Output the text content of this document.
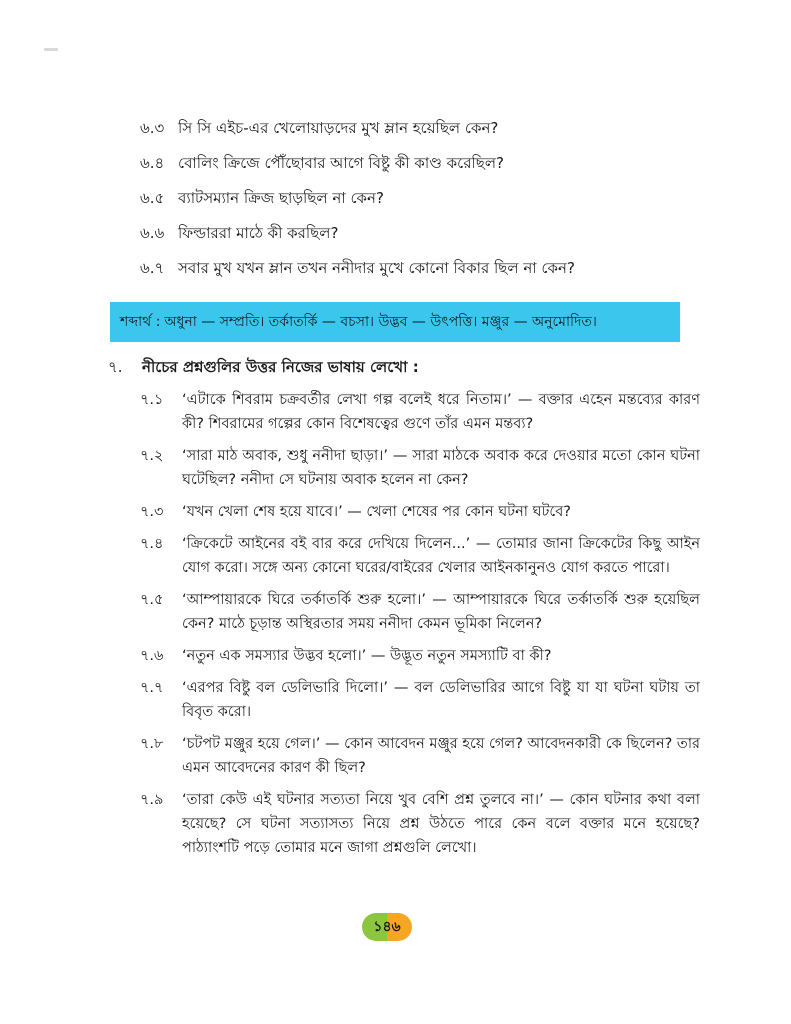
৬.৩ সি সি এইচ-এর খেলোয়াড়দের মুখ ম্লান হয়েছিল কেন?
৬.৪ বোলিং ক্রিজে পৌঁছোবার আগে বিষ্টু কী কাণ্ড করেছিল?
৬.৫ ব্যাটসম্যান ক্রিজ ছাড়ছিল না কেন?
৬.৬ ফিল্ডাররা মাঠে কী করছিল?
৬.৭ সবার মুখ যখন ম্লান তখন ননীদার মুখে কোনো বিকার ছিল না কেন?
শব্দার্থ : অধুনা — সম্প্রতি। তর্কাতর্কি — বচসা। উদ্ভব — উৎপত্তি। মঞ্জুর — অনুমোদিত।
৭.	নীচের প্রশ্নগুলির উত্তর নিজের ভাষায় লেখো :
৭.১	‘এটাকে শিবরাম চক্রবর্তীর লেখা গল্প বলেই ধরে নিতাম।’ — বক্তার এহেন মন্তব্যের কারণ কী? শিবরামের গল্পের কোন বিশেষত্বের গুণে তাঁর এমন মন্তব্য?
৭.২	‘সারা মাঠ অবাক, শুধু ননীদা ছাড়া।’ — সারা মাঠকে অবাক করে দেওয়ার মতো কোন ঘটনা ঘটেছিল? ননীদা সে ঘটনায় অবাক হলেন না কেন?
৭.৩	‘যখন খেলা শেষ হয়ে যাবে।’ — খেলা শেষের পর কোন ঘটনা ঘটবে?
৭.৪	‘ক্রিকেটে আইনের বই বার করে দেখিয়ে দিলেন...’ — তোমার জানা ক্রিকেটের কিছু আইন যোগ করো। সঙ্গে অন্য কোনো ঘরের/বাইরের খেলার আইনকানুনও যোগ করতে পারো।
৭.৫	‘আম্পায়ারকে ঘিরে তর্কাতর্কি শুরু হলো।’ — আম্পায়ারকে ঘিরে তর্কাতর্কি শুরু হয়েছিল কেন? মাঠে চূড়ান্ত অস্থিরতার সময় ননীদা কেমন ভূমিকা নিলেন?
৭.৬	‘নতুন এক সমস্যার উদ্ভব হলো।’ — উদ্ভূত নতুন সমস্যাটি বা কী?
৭.৭	‘এরপর বিষ্টু বল ডেলিভারি দিলো।’ — বল ডেলিভারির আগে বিষ্টু যা যা ঘটনা ঘটায় তা বিবৃত করো।
৭.৮	‘চটপট মঞ্জুর হয়ে গেল।’ — কোন আবেদন মঞ্জুর হয়ে গেল? আবেদনকারী কে ছিলেন? তার এমন আবেদনের কারণ কী ছিল?
৭.৯	‘তারা কেউ এই ঘটনার সত্যতা নিয়ে খুব বেশি প্রশ্ন তুলবে না।’ — কোন ঘটনার কথা বলা হয়েছে? সে ঘটনা সত্যাসত্য নিয়ে প্রশ্ন উঠতে পারে কেন বলে বক্তার মনে হয়েছে? পাঠ্যাংশটি পড়ে তোমার মনে জাগা প্রশ্নগুলি লেখো।
১৪৬
